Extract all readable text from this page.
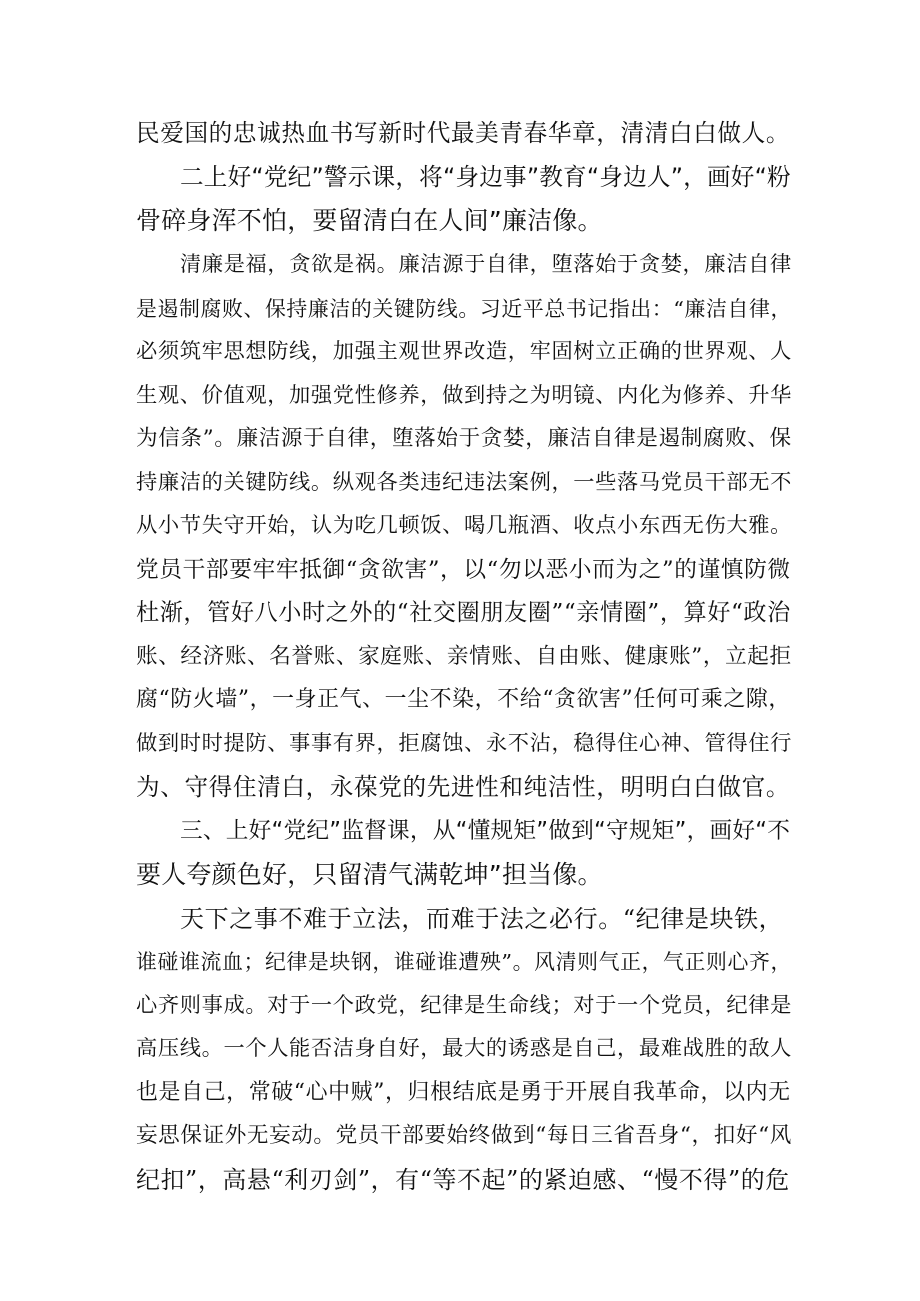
民爱国的忠诚热血书写新时代最美青春华章，清清白白做人。
二上好“党纪”警示课，将“身边事”教育“身边人”，画好“粉
骨碎身浑不怕，要留清白在人间”廉洁像。
清廉是福，贪欲是祸。廉洁源于自律，堕落始于贪婪，廉洁自律
是遏制腐败、保持廉洁的关键防线。习近平总书记指出：“廉洁自律，
必须筑牢思想防线，加强主观世界改造，牢固树立正确的世界观、人
生观、价值观，加强党性修养，做到持之为明镜、内化为修养、升华
为信条”。廉洁源于自律，堕落始于贪婪，廉洁自律是遏制腐败、保
持廉洁的关键防线。纵观各类违纪违法案例，一些落马党员干部无不
从小节失守开始，认为吃几顿饭、喝几瓶酒、收点小东西无伤大雅。
党员干部要牢牢抵御“贪欲害”，以“勿以恶小而为之”的谨慎防微
杜渐，管好八小时之外的“社交圈朋友圈”“亲情圈”，算好“政治
账、经济账、名誉账、家庭账、亲情账、自由账、健康账”，立起拒
腐“防火墙”，一身正气、一尘不染，不给“贪欲害”任何可乘之隙，
做到时时提防、事事有界，拒腐蚀、永不沾，稳得住心神、管得住行
为、守得住清白，永葆党的先进性和纯洁性，明明白白做官。
三、上好“党纪”监督课，从“懂规矩”做到“守规矩”，画好“不
要人夸颜色好，只留清气满乾坤”担当像。
天下之事不难于立法，而难于法之必行。“纪律是块铁，
谁碰谁流血；纪律是块钢，谁碰谁遭殃”。风清则气正，气正则心齐，
心齐则事成。对于一个政党，纪律是生命线；对于一个党员，纪律是
高压线。一个人能否洁身自好，最大的诱惑是自己，最难战胜的敌人
也是自己，常破“心中贼”，归根结底是勇于开展自我革命，以内无
妄思保证外无妄动。党员干部要始终做到“每日三省吾身“，扣好“风
纪扣”，高悬“利刃剑”，有“等不起”的紧迫感、“慢不得”的危
